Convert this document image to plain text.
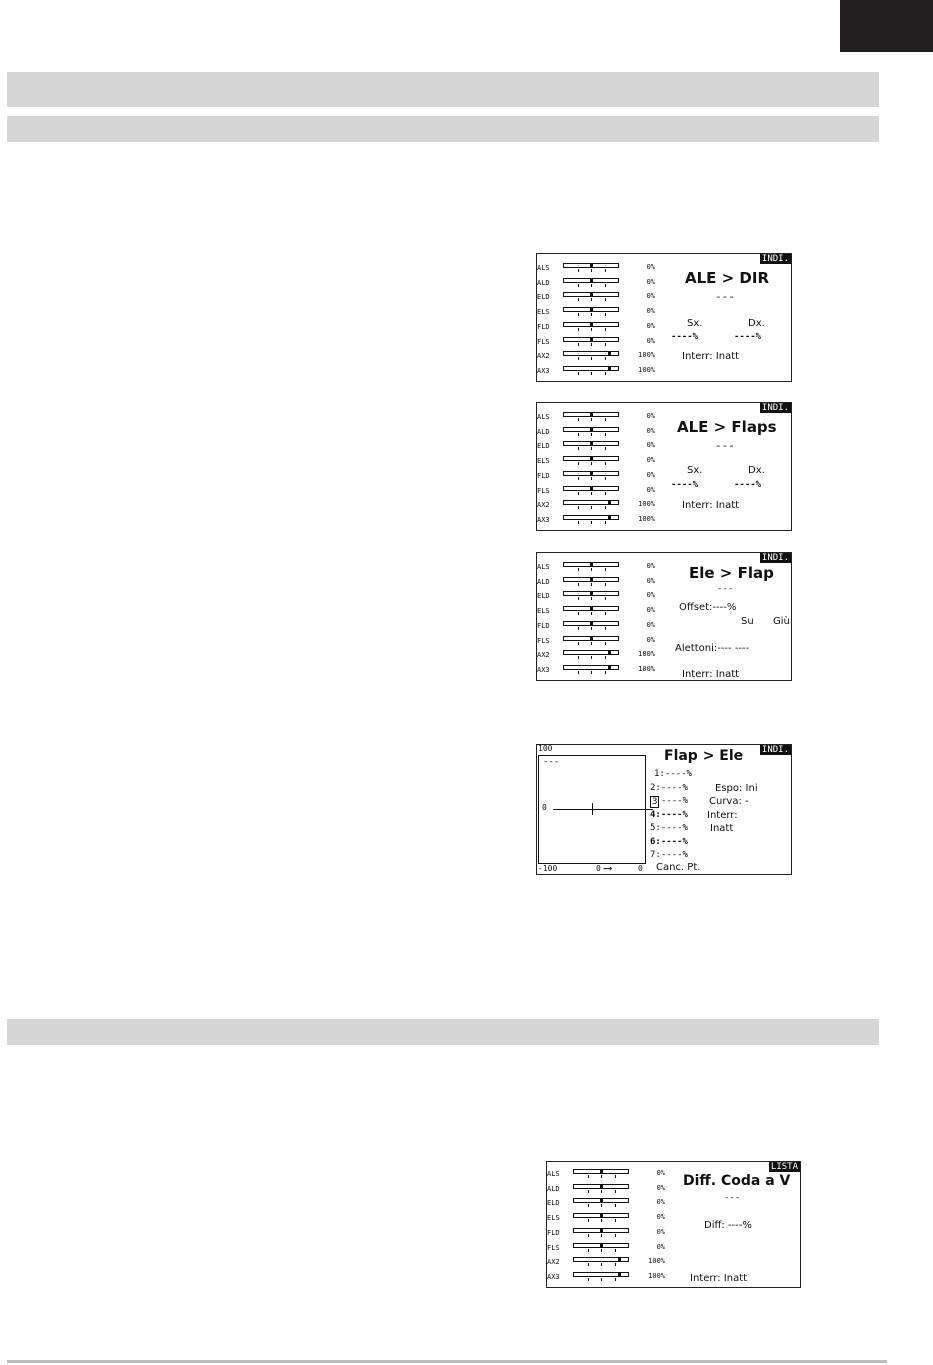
INDI.
ALS	0%
ALD	0%
ELD	0%
ELS	0%
FLD	0%
FLS	0%
AX2	100%
AX3	100%
ALE > DIR
---
Sx.	Dx.
----%	----%
Interr: Inatt
INDI.
ALS	0%
ALD	0%
ELD	0%
ELS	0%
FLD	0%
FLS	0%
AX2	100%
AX3	100%
ALE > Flaps
---
Sx.	Dx.
----%	----%
Interr: Inatt
INDI.
ALS	0%
ALD	0%
ELD	0%
ELS	0%
FLD	0%
FLS	0%
AX2	100%
AX3	100%
Ele > Flap
---
Offset:----%
Su Giù
Alettoni:---- ----
Interr: Inatt
INDI.
100
---
0
-100	0 ⟶	0
Flap > Ele
1:----%
2:----%
3 ----%
4:----%
5:----%
6:----%
7:----%
Espo: Ini
Curva: -
Interr:
Inatt
Canc. Pt.
LISTA
ALS	0%
ALD	0%
ELD	0%
ELS	0%
FLD	0%
FLS	0%
AX2	100%
AX3	100%
Diff. Coda a V
---
Diff: ----%
Interr: Inatt
